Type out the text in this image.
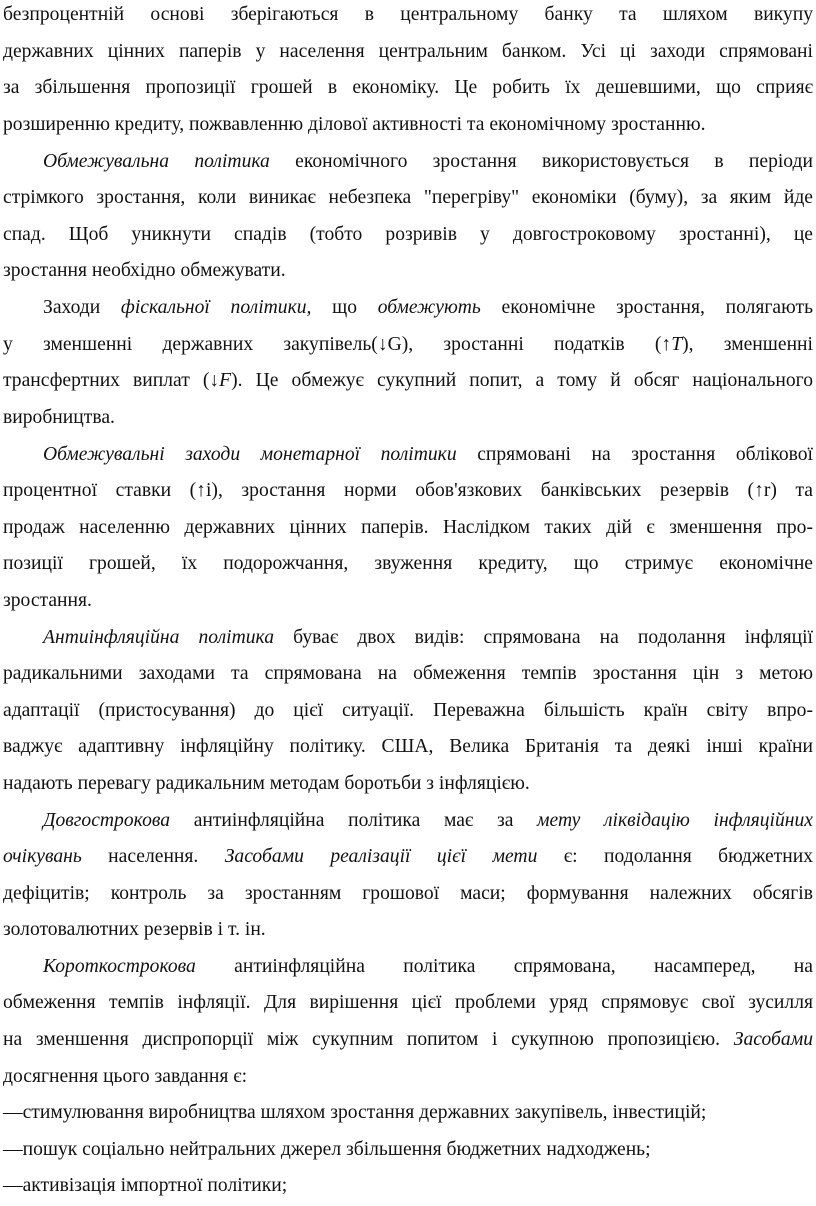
безпроцентній основі зберігаються в центральному банку та шляхом викупу
державних цінних паперів у населення центральним банком. Усі ці заходи спрямовані
за збільшення пропозиції грошей в економіку. Це робить їх дешевшими, що сприяє
розширенню кредиту, пожвавленню ділової активності та економічному зростанню.
Обмежувальна політика економічного зростання використовується в періоди
стрімкого зростання, коли виникає небезпека "перегріву" економіки (буму), за яким йде
спад. Щоб уникнути спадів (тобто розривів у довгостроковому зростанні), це
зростання необхідно обмежувати.
Заходи фіскальної політики, що обмежують економічне зростання, полягають
у зменшенні державних закупівель(↓G), зростанні податків (↑T), зменшенні
трансфертних виплат (↓F). Це обмежує сукупний попит, а тому й обсяг національного
виробництва.
Обмежувальні заходи монетарної політики спрямовані на зростання облікової
процентної ставки (↑i), зростання норми обов'язкових банківських резервів (↑r) та
продаж населенню державних цінних паперів. Наслідком таких дій є зменшення про-
позиції грошей, їх подорожчання, звуження кредиту, що стримує економічне
зростання.
Антиінфляційна політика буває двох видів: спрямована на подолання інфляції
радикальними заходами та спрямована на обмеження темпів зростання цін з метою
адаптації (пристосування) до цієї ситуації. Переважна більшість країн світу впро-
ваджує адаптивну інфляційну політику. США, Велика Британія та деякі інші країни
надають перевагу радикальним методам боротьби з інфляцією.
Довгострокова антиінфляційна політика має за мету ліквідацію інфляційних
очікувань населення. Засобами реалізації цієї мети є: подолання бюджетних
дефіцитів; контроль за зростанням грошової маси; формування належних обсягів
золотовалютних резервів і т. ін.
Короткострокова антиінфляційна політика спрямована, насамперед, на
обмеження темпів інфляції. Для вирішення цієї проблеми уряд спрямовує свої зусилля
на зменшення диспропорції між сукупним попитом і сукупною пропозицією. Засобами
досягнення цього завдання є:
—стимулювання виробництва шляхом зростання державних закупівель, інвестицій;
—пошук соціально нейтральних джерел збільшення бюджетних надходжень;
—активізація імпортної політики;
